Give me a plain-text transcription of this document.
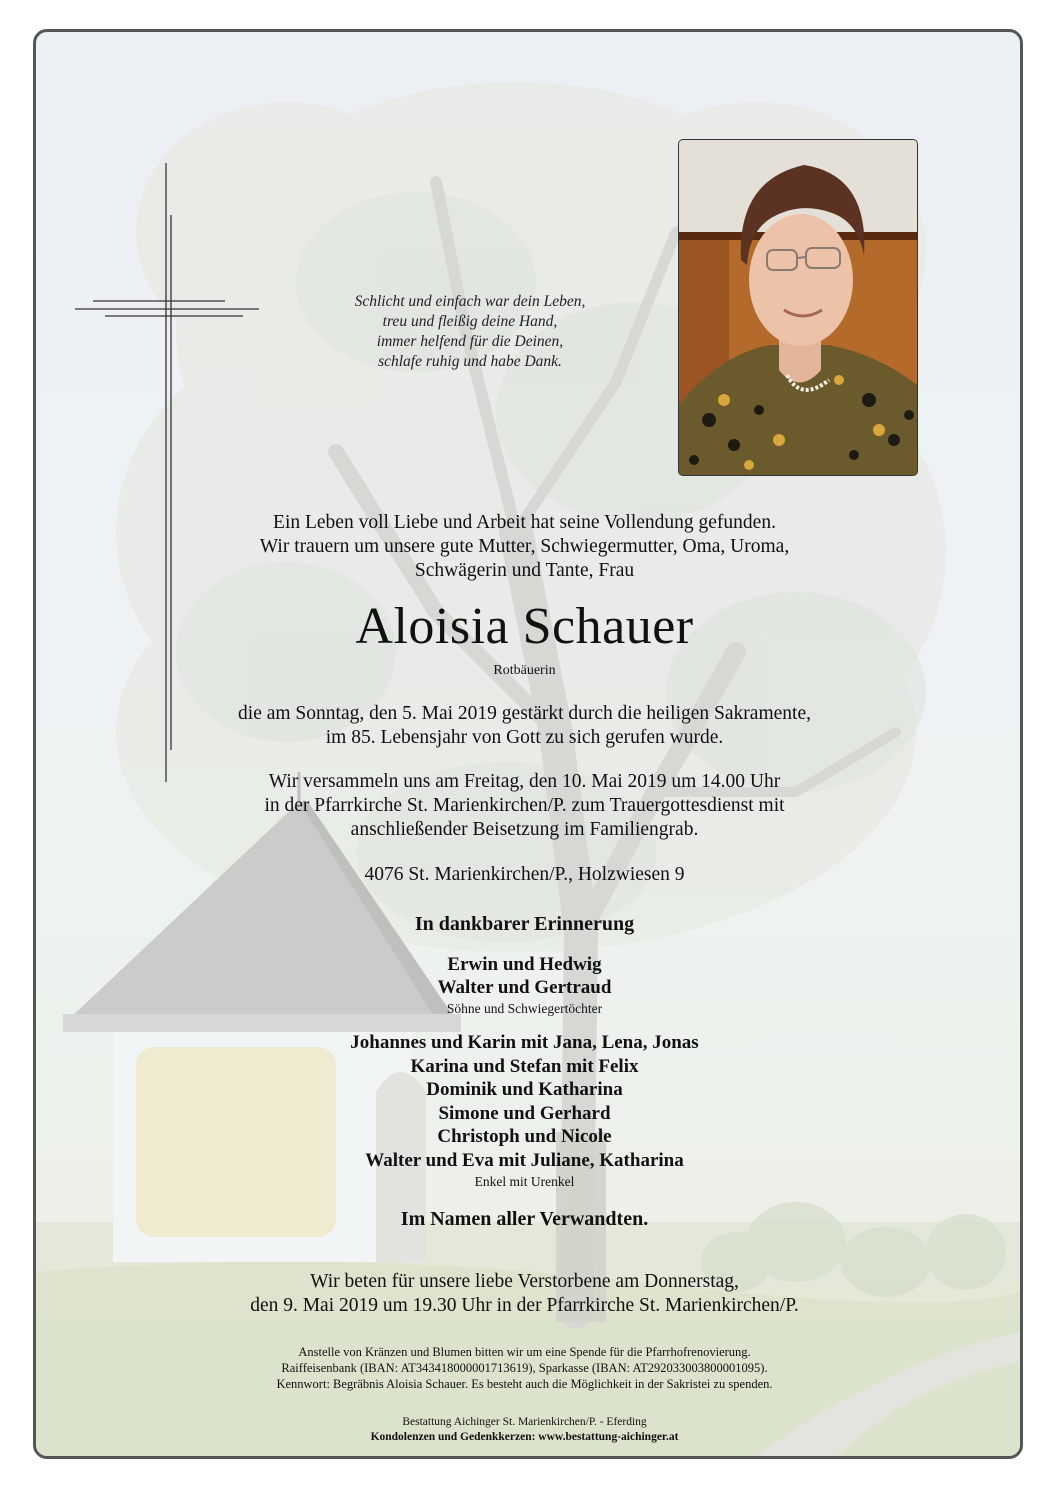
Schlicht und einfach war dein Leben,
treu und fleißig deine Hand,
immer helfend für die Deinen,
schlafe ruhig und habe Dank.
Ein Leben voll Liebe und Arbeit hat seine Vollendung gefunden.
Wir trauern um unsere gute Mutter, Schwiegermutter, Oma, Uroma,
Schwägerin und Tante, Frau
Aloisia Schauer
Rotbäuerin
die am Sonntag, den 5. Mai 2019 gestärkt durch die heiligen Sakramente,
im 85. Lebensjahr von Gott zu sich gerufen wurde.
Wir versammeln uns am Freitag, den 10. Mai 2019 um 14.00 Uhr
in der Pfarrkirche St. Marienkirchen/P. zum Trauergottesdienst mit
anschließender Beisetzung im Familiengrab.
4076 St. Marienkirchen/P., Holzwiesen 9
In dankbarer Erinnerung
Erwin und Hedwig
Walter und Gertraud
Söhne und Schwiegertöchter
Johannes und Karin mit Jana, Lena, Jonas
Karina und Stefan mit Felix
Dominik und Katharina
Simone und Gerhard
Christoph und Nicole
Walter und Eva mit Juliane, Katharina
Enkel mit Urenkel
Im Namen aller Verwandten.
Wir beten für unsere liebe Verstorbene am Donnerstag,
den 9. Mai 2019 um 19.30 Uhr in der Pfarrkirche St. Marienkirchen/P.
Anstelle von Kränzen und Blumen bitten wir um eine Spende für die Pfarrhofrenovierung.
Raiffeisenbank (IBAN: AT343418000001713619), Sparkasse (IBAN: AT292033003800001095).
Kennwort: Begräbnis Aloisia Schauer. Es besteht auch die Möglichkeit in der Sakristei zu spenden.
Bestattung Aichinger St. Marienkirchen/P. - Eferding
Kondolenzen und Gedenkkerzen: www.bestattung-aichinger.at
